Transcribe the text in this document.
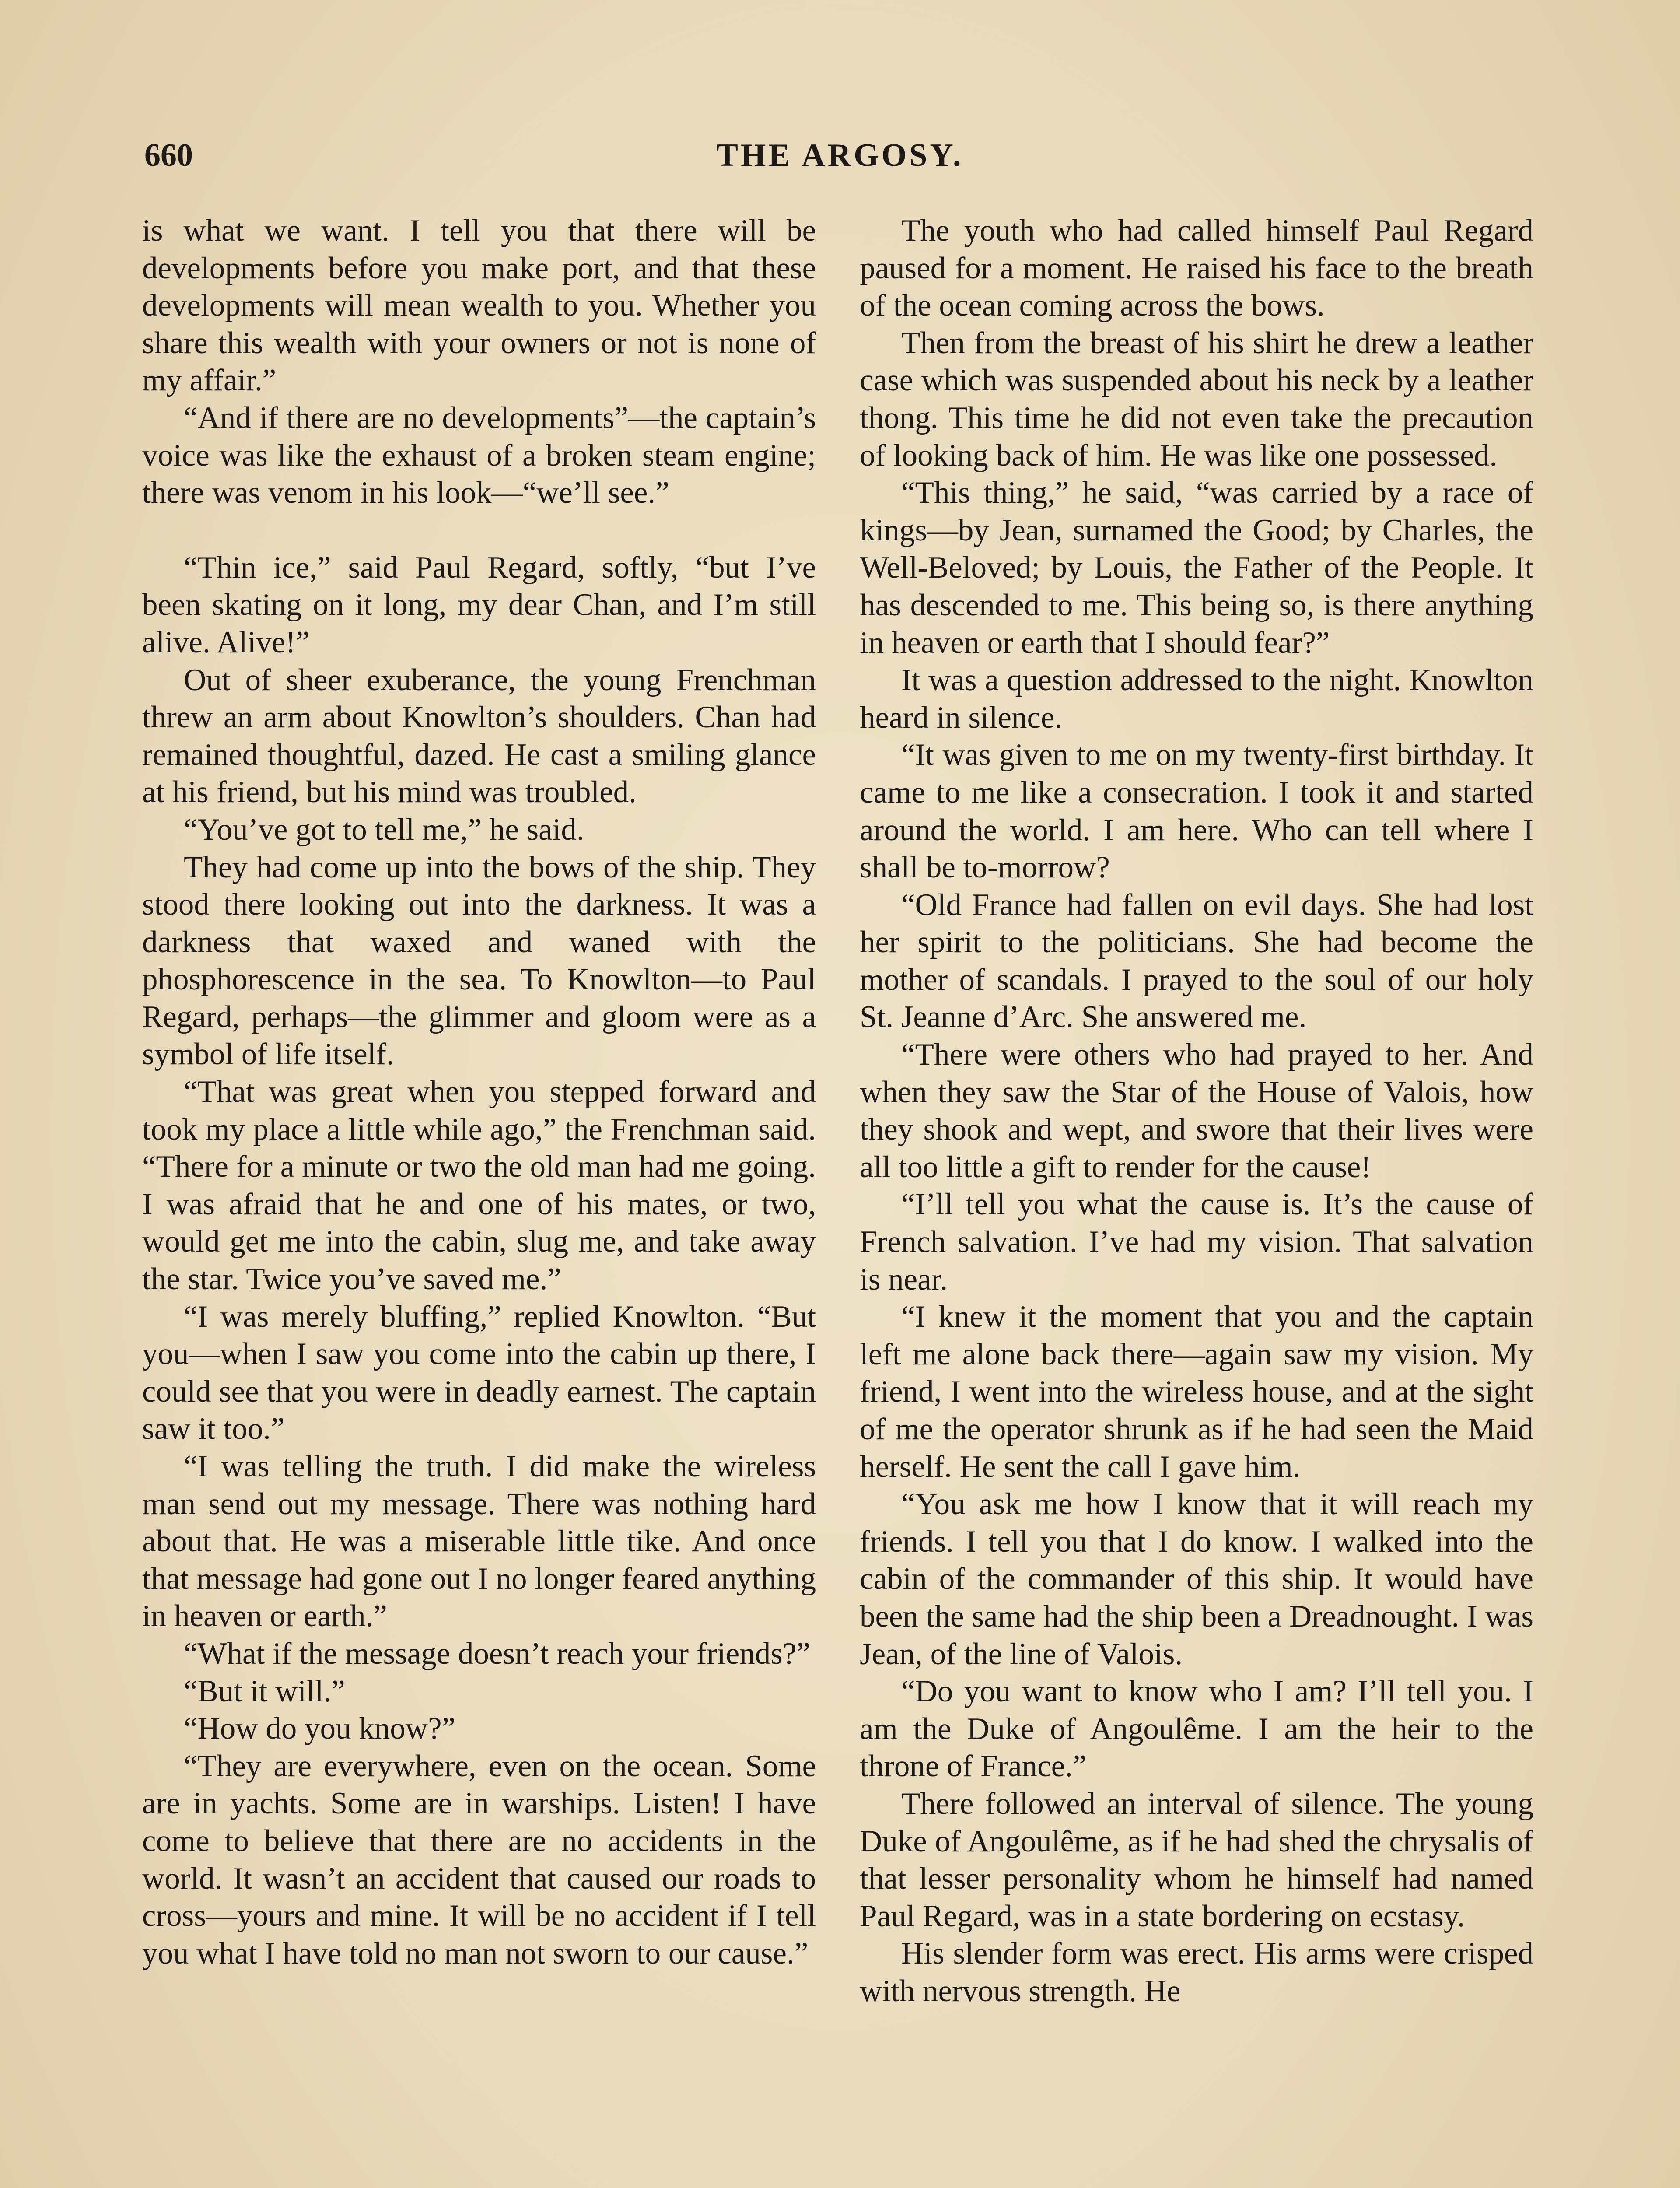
660	THE ARGOSY.

is what we want. I tell you that there will be developments before you make port, and that these developments will mean wealth to you. Whether you share this wealth with your owners or not is none of my affair.”

“And if there are no developments”—the captain’s voice was like the exhaust of a broken steam engine; there was venom in his look—“we’ll see.”

“Thin ice,” said Paul Regard, softly, “but I’ve been skating on it long, my dear Chan, and I’m still alive. Alive!”

Out of sheer exuberance, the young Frenchman threw an arm about Knowlton’s shoulders. Chan had remained thoughtful, dazed. He cast a smiling glance at his friend, but his mind was troubled.

“You’ve got to tell me,” he said.

They had come up into the bows of the ship. They stood there looking out into the darkness. It was a darkness that waxed and waned with the phosphorescence in the sea. To Knowlton—to Paul Regard, perhaps—the glimmer and gloom were as a symbol of life itself.

“That was great when you stepped forward and took my place a little while ago,” the Frenchman said. “There for a minute or two the old man had me going. I was afraid that he and one of his mates, or two, would get me into the cabin, slug me, and take away the star. Twice you’ve saved me.”

“I was merely bluffing,” replied Knowlton. “But you—when I saw you come into the cabin up there, I could see that you were in deadly earnest. The captain saw it too.”

“I was telling the truth. I did make the wireless man send out my message. There was nothing hard about that. He was a miserable little tike. And once that message had gone out I no longer feared anything in heaven or earth.”

“What if the message doesn’t reach your friends?”

“But it will.”

“How do you know?”

“They are everywhere, even on the ocean. Some are in yachts. Some are in warships. Listen! I have come to believe that there are no accidents in the world. It wasn’t an accident that caused our roads to cross—yours and mine. It will be no accident if I tell you what I have told no man not sworn to our cause.”

The youth who had called himself Paul Regard paused for a moment. He raised his face to the breath of the ocean coming across the bows.

Then from the breast of his shirt he drew a leather case which was suspended about his neck by a leather thong. This time he did not even take the precaution of looking back of him. He was like one possessed.

“This thing,” he said, “was carried by a race of kings—by Jean, surnamed the Good; by Charles, the Well-Beloved; by Louis, the Father of the People. It has descended to me. This being so, is there anything in heaven or earth that I should fear?”

It was a question addressed to the night. Knowlton heard in silence.

“It was given to me on my twenty-first birthday. It came to me like a consecration. I took it and started around the world. I am here. Who can tell where I shall be to-morrow?

“Old France had fallen on evil days. She had lost her spirit to the politicians. She had become the mother of scandals. I prayed to the soul of our holy St. Jeanne d’Arc. She answered me.

“There were others who had prayed to her. And when they saw the Star of the House of Valois, how they shook and wept, and swore that their lives were all too little a gift to render for the cause!

“I’ll tell you what the cause is. It’s the cause of French salvation. I’ve had my vision. That salvation is near.

“I knew it the moment that you and the captain left me alone back there—again saw my vision. My friend, I went into the wireless house, and at the sight of me the operator shrunk as if he had seen the Maid herself. He sent the call I gave him.

“You ask me how I know that it will reach my friends. I tell you that I do know. I walked into the cabin of the commander of this ship. It would have been the same had the ship been a Dreadnought. I was Jean, of the line of Valois.

“Do you want to know who I am? I’ll tell you. I am the Duke of Angoulême. I am the heir to the throne of France.”

There followed an interval of silence. The young Duke of Angoulême, as if he had shed the chrysalis of that lesser personality whom he himself had named Paul Regard, was in a state bordering on ecstasy.

His slender form was erect. His arms were crisped with nervous strength. He
